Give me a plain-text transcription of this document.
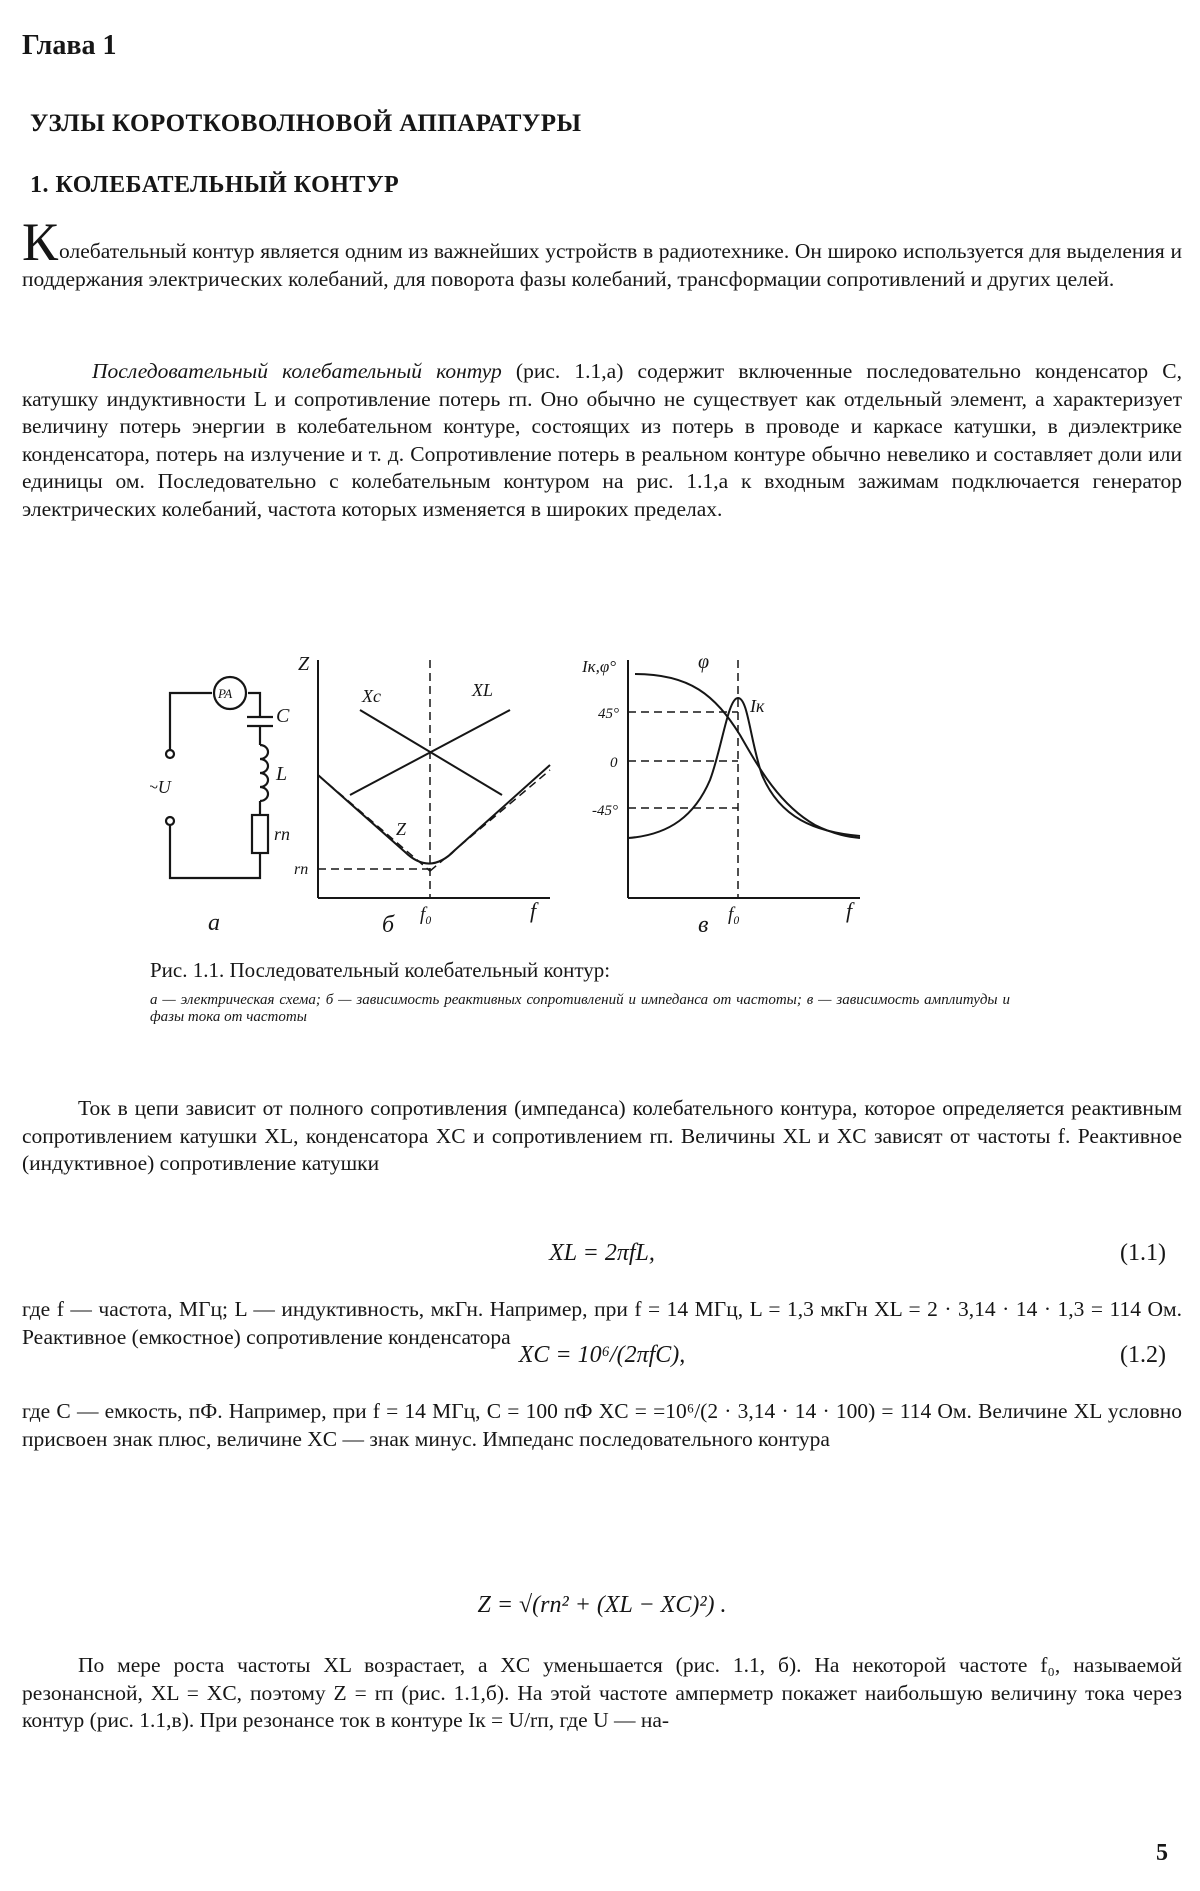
Глава 1
УЗЛЫ КОРОТКОВОЛНОВОЙ АППАРАТУРЫ
1. КОЛЕБАТЕЛЬНЫЙ КОНТУР

Колебательный контур является одним из важнейших устройств в радиотехнике. Он широко используется для выделения и поддержания электрических колебаний, для поворота фазы колебаний, трансформации сопротивлений и других целей.

Последовательный колебательный контур (рис. 1.1,а) содержит включенные последовательно конденсатор C, катушку индуктивности L и сопротивление потерь rп. Оно обычно не существует как отдельный элемент, а характеризует величину потерь энергии в колебательном контуре, состоящих из потерь в проводе и каркасе катушки, в диэлектрике конденсатора, потерь на излучение и т. д. Сопротивление потерь в реальном контуре обычно невелико и составляет доли или единицы ом. Последовательно с колебательным контуром на рис. 1.1,а к входным зажимам подключается генератор электрических колебаний, частота которых изменяется в широких пределах.

PA
C
L
rп
~U
а
Z
Xc	XL
Z
rп
f₀	f
б
Iк,φ°	φ
Iк
45°
0
-45°
f₀	f
в

Рис. 1.1. Последовательный колебательный контур:

а — электрическая схема; б — зависимость реактивных сопротивлений и импеданса от частоты; в — зависимость амплитуды и фазы тока от частоты

Ток в цепи зависит от полного сопротивления (импеданса) колебательного контура, которое определяется реактивным сопротивлением катушки XL, конденсатора XC и сопротивлением rп. Величины XL и XC зависят от частоты f. Реактивное (индуктивное) сопротивление катушки

XL = 2πfL,	(1.1)

где f — частота, МГц; L — индуктивность, мкГн. Например, при f = 14 МГц, L = 1,3 мкГн XL = 2 · 3,14 · 14 · 1,3 = 114 Ом. Реактивное (емкостное) сопротивление конденсатора

XC = 10⁶/(2πfC),	(1.2)

где C — емкость, пФ. Например, при f = 14 МГц, C = 100 пФ XC = =10⁶/(2 · 3,14 · 14 · 100) = 114 Ом. Величине XL условно присвоен знак плюс, величине XC — знак минус. Импеданс последовательного контура

Z = √(rп² + (XL − XC)²) .

По мере роста частоты XL возрастает, а XC уменьшается (рис. 1.1, б). На некоторой частоте f₀, называемой резонансной, XL = XC, поэтому Z = rп (рис. 1.1,б). На этой частоте амперметр покажет наибольшую величину тока через контур (рис. 1.1,в). При резонансе ток в контуре Iк = U/rп, где U — на-

5
